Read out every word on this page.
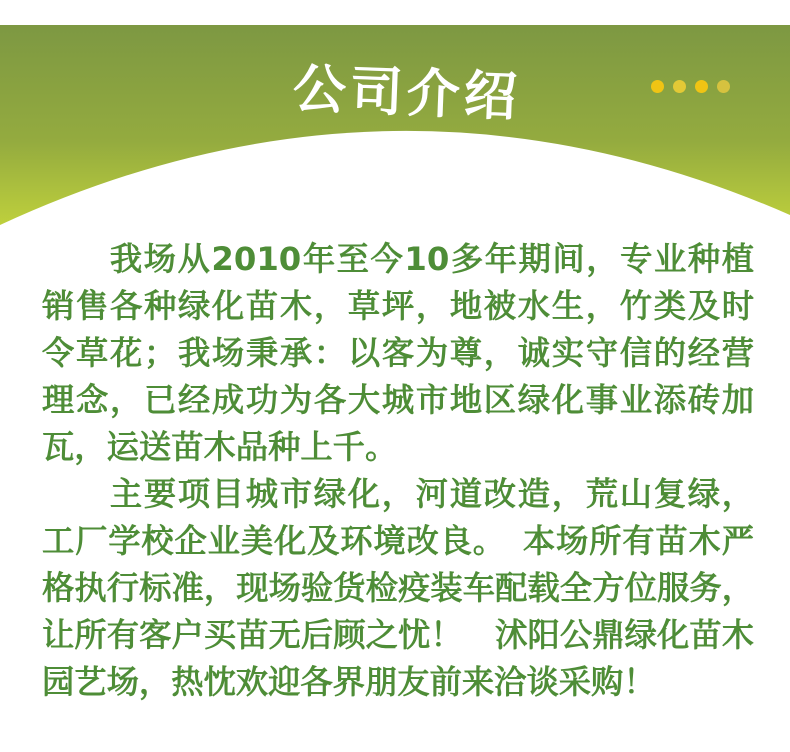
公司介绍
我场从2010年至今10多年期间，专业种植
销售各种绿化苗木，草坪，地被水生，竹类及时
令草花；我场秉承：以客为尊，诚实守信的经营
理念，已经成功为各大城市地区绿化事业添砖加
瓦，运送苗木品种上千。
主要项目城市绿化，河道改造，荒山复绿，
工厂学校企业美化及环境改良。　本场所有苗木严
格执行标准，现场验货检疫装车配载全方位服务，
让所有客户买苗无后顾之忧！　沭阳公鼎绿化苗木
园艺场，热忱欢迎各界朋友前来洽谈采购！
